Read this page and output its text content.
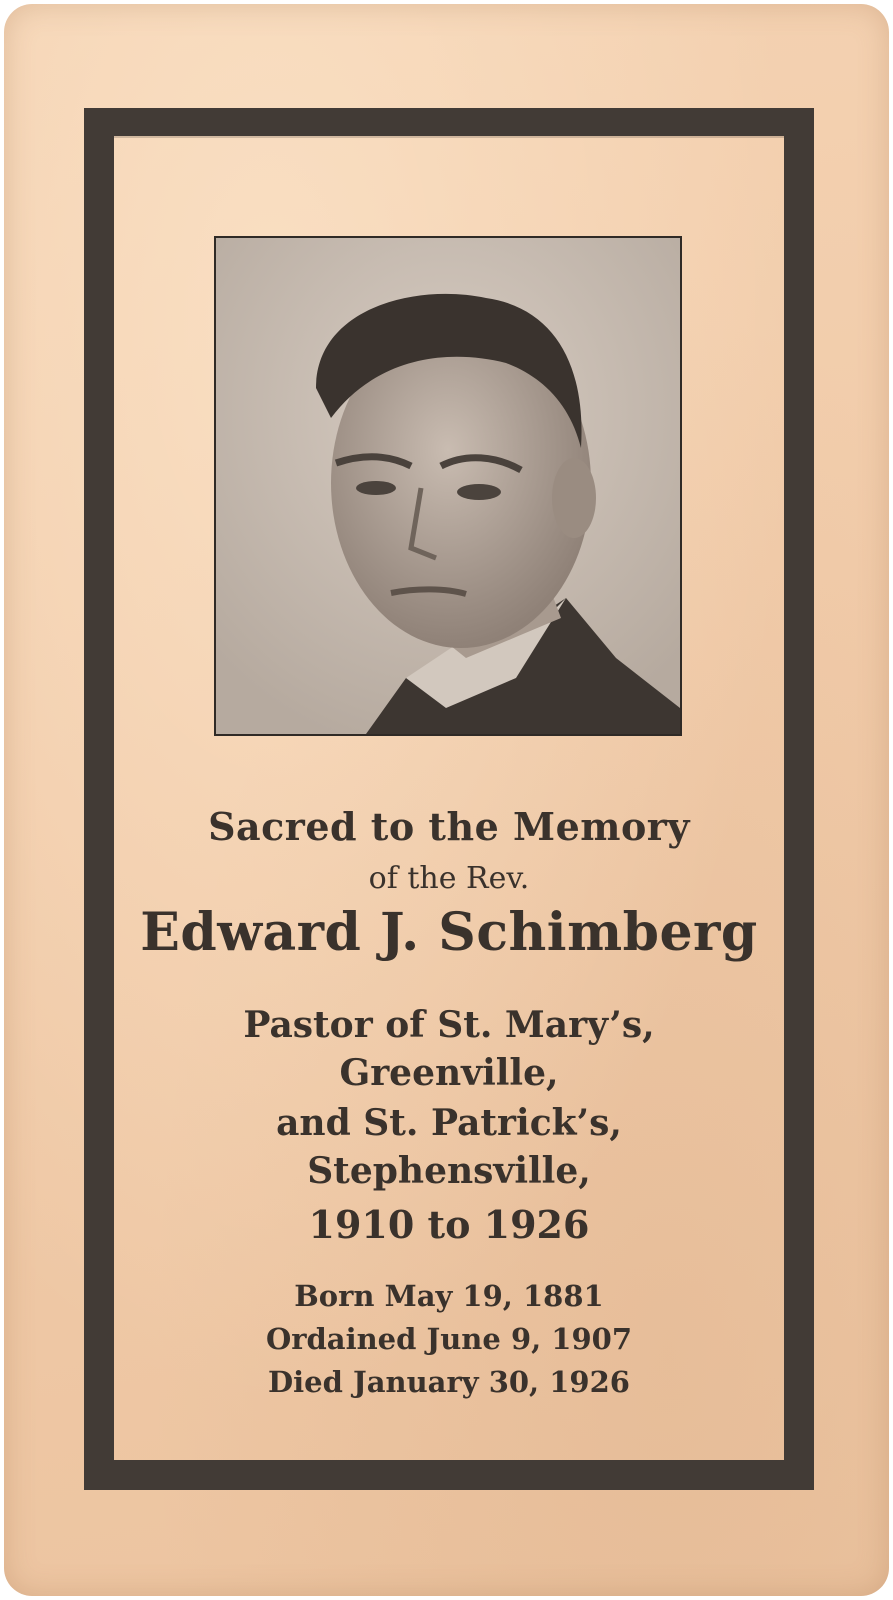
Sacred to the Memory
of the Rev.
Edward J. Schimberg
Pastor of St. Mary’s,
Greenville,
and St. Patrick’s,
Stephensville,
1910 to 1926
Born May 19, 1881
Ordained June 9, 1907
Died January 30, 1926
